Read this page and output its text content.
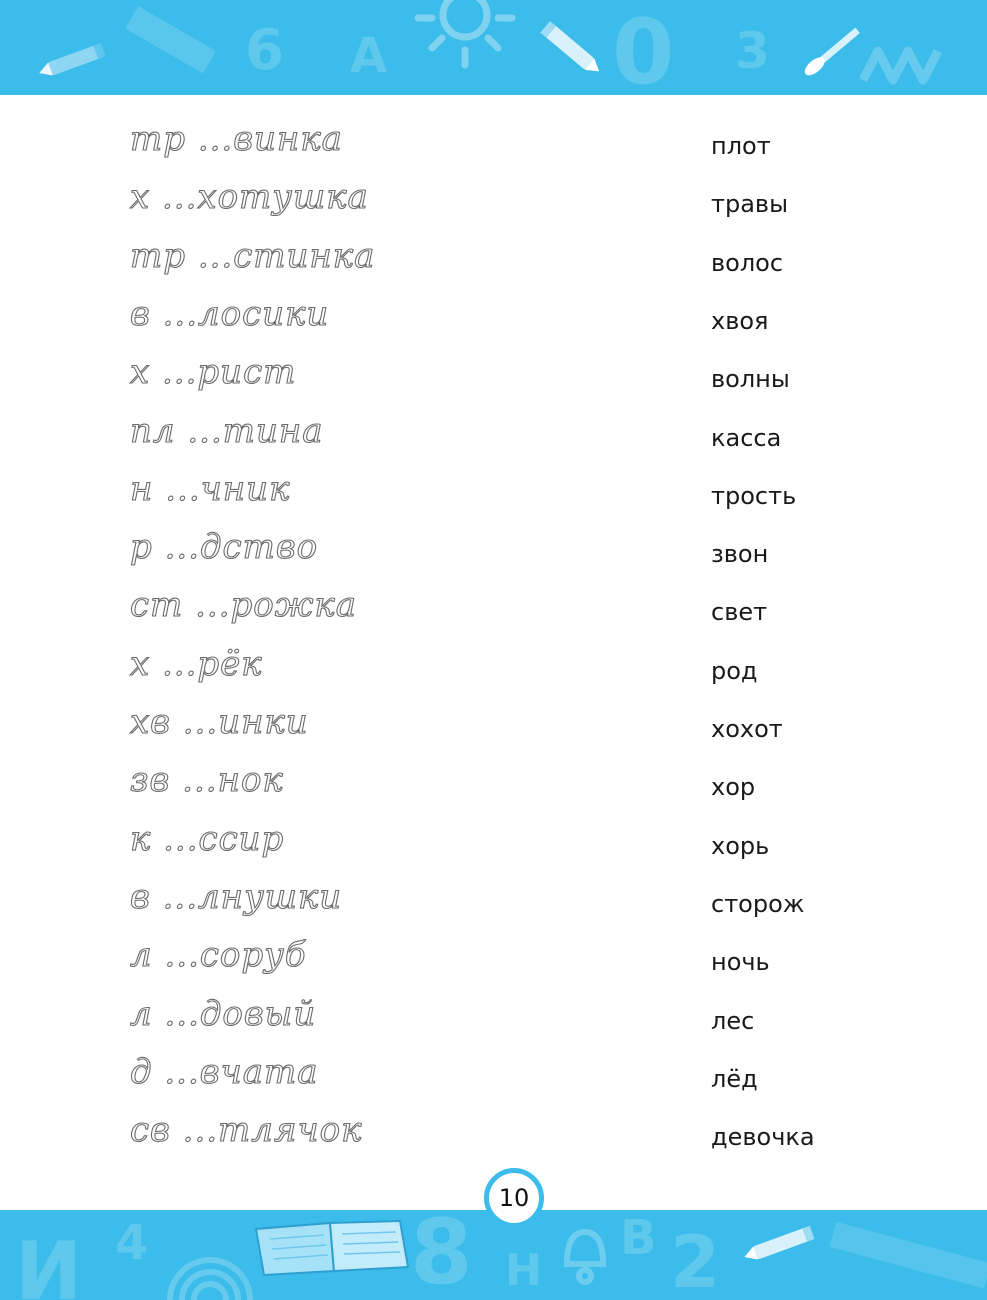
6 А 0 3
тр ...винка	плот
х ...хотушка	травы
тр ...стинка	волос
в ...лосики	хвоя
х ...рист	волны
пл ...тина	касса
н ...чник	трость
р ...дство	звон
ст ...рожка	свет
х ...рёк	род
хв ...инки	хохот
зв ...нок	хор
к ...ссир	хорь
в ...лнушки	сторож
л ...соруб	ночь
л ...довый	лес
д ...вчата	лёд
св ...тлячок	девочка
И 4	8 Н
В 2
10
